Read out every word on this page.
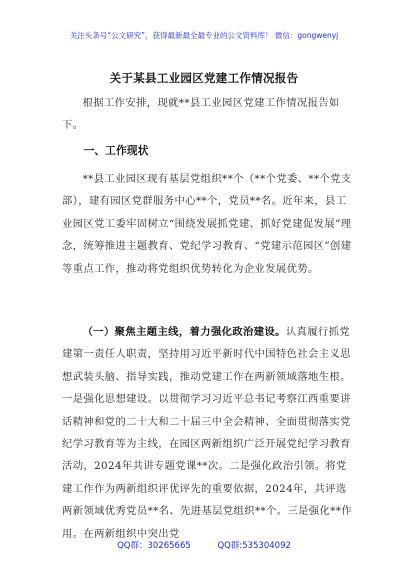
关注头条号“公文研究”，获得最新最全最专业的公文资料库！ 微信：gongwenyj
关于某县工业园区党建工作情况报告

根据工作安排，现就**县工业园区党建工作情况报告如下。

一、工作现状

**县工业园区现有基层党组织**个（**个党委、**个党支部），建有园区党群服务中心**个，党员**名。近年来，县工业园区党工委牢固树立“围绕发展抓党建、抓好党建促发展”理念，统筹推进主题教育、党纪学习教育、“党建示范园区”创建等重点工作，推动将党组织优势转化为企业发展优势。

（一）聚焦主题主线，着力强化政治建设。认真履行抓党建第一责任人职责，坚持用习近平新时代中国特色社会主义思想武装头脑、指导实践，推动党建工作在两新领域落地生根。一是强化思想建设。以贯彻学习习近平总书记考察江西重要讲话精神和党的二十大和二十届三中全会精神、全面贯彻落实党纪学习教育等为主线，在园区两新组织广泛开展党纪学习教育活动，2024年共讲专题党课**次。二是强化政治引领。将党建工作作为两新组织评优评先的重要依据，2024年，共评选两新领域优秀党员**名、先进基层党组织**个。三是强化**作用。在两新组织中突出党

QQ群：30265665	QQ群:535304092
